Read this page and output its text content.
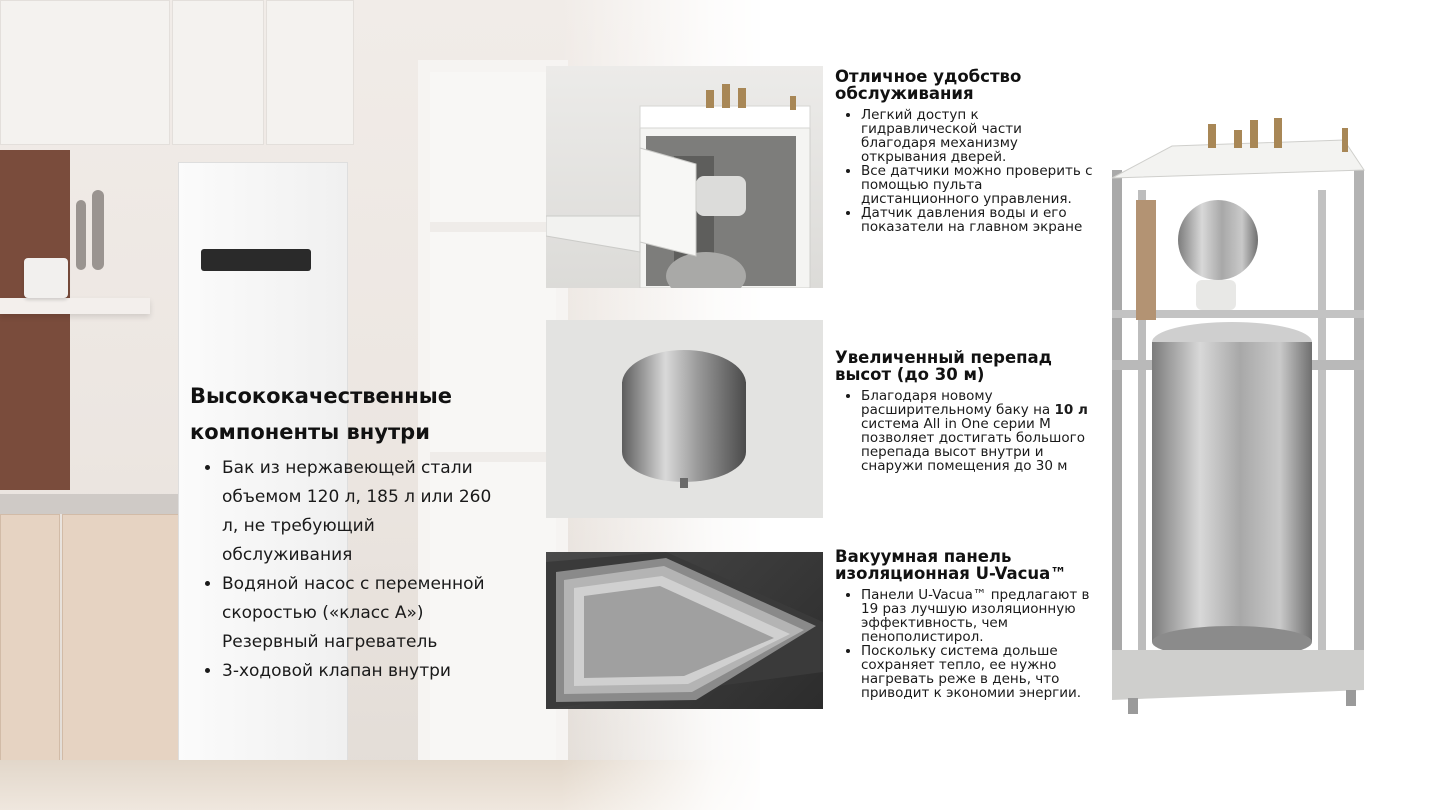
Высококачественные
компоненты внутри
• Бак из нержавеющей стали объемом 120 л, 185 л или 260 л, не требующий обслуживания
• Водяной насос с переменной скоростью («класс A») Резервный нагреватель
• 3-ходовой клапан внутри
Отличное удобство
обслуживания
• Легкий доступ к гидравлической части благодаря механизму открывания дверей.
• Все датчики можно проверить с помощью пульта дистанционного управления.
• Датчик давления воды и его показатели на главном экране
Увеличенный перепад
высот (до 30 м)
• Благодаря новому расширительному баку на 10 л система All in One серии M позволяет достигать большого перепада высот внутри и снаружи помещения до 30 м
Вакуумная панель
изоляционная U-Vacua™
• Панели U-Vacua™ предлагают в 19 раз лучшую изоляционную эффективность, чем пенополистирол.
• Поскольку система дольше сохраняет тепло, ее нужно нагревать реже в день, что приводит к экономии энергии.
